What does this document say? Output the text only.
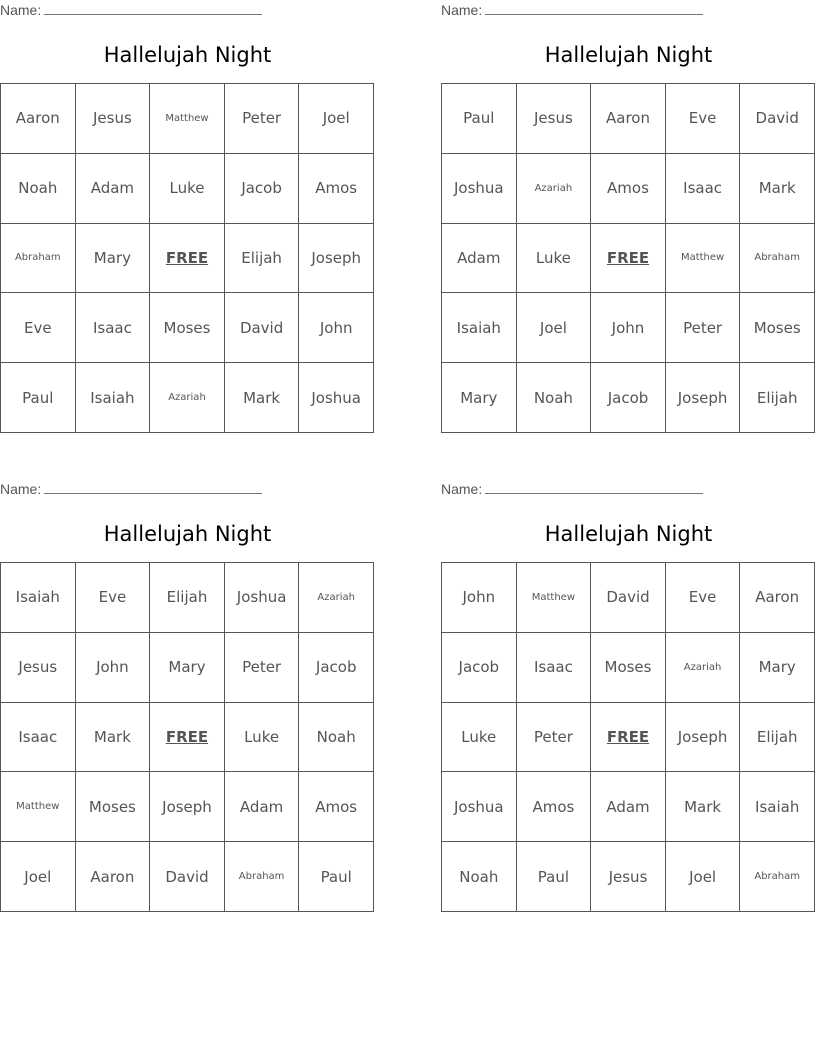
Name:
Hallelujah Night
Aaron	Jesus	Matthew	Peter	Joel
Noah	Adam	Luke	Jacob	Amos
Abraham	Mary	FREE	Elijah	Joseph
Eve	Isaac	Moses	David	John
Paul	Isaiah	Azariah	Mark	Joshua
Name:
Hallelujah Night
Paul	Jesus	Aaron	Eve	David
Joshua	Azariah	Amos	Isaac	Mark
Adam	Luke	FREE	Matthew	Abraham
Isaiah	Joel	John	Peter	Moses
Mary	Noah	Jacob	Joseph	Elijah
Name:
Hallelujah Night
Isaiah	Eve	Elijah	Joshua	Azariah
Jesus	John	Mary	Peter	Jacob
Isaac	Mark	FREE	Luke	Noah
Matthew	Moses	Joseph	Adam	Amos
Joel	Aaron	David	Abraham	Paul
Name:
Hallelujah Night
John	Matthew	David	Eve	Aaron
Jacob	Isaac	Moses	Azariah	Mary
Luke	Peter	FREE	Joseph	Elijah
Joshua	Amos	Adam	Mark	Isaiah
Noah	Paul	Jesus	Joel	Abraham
